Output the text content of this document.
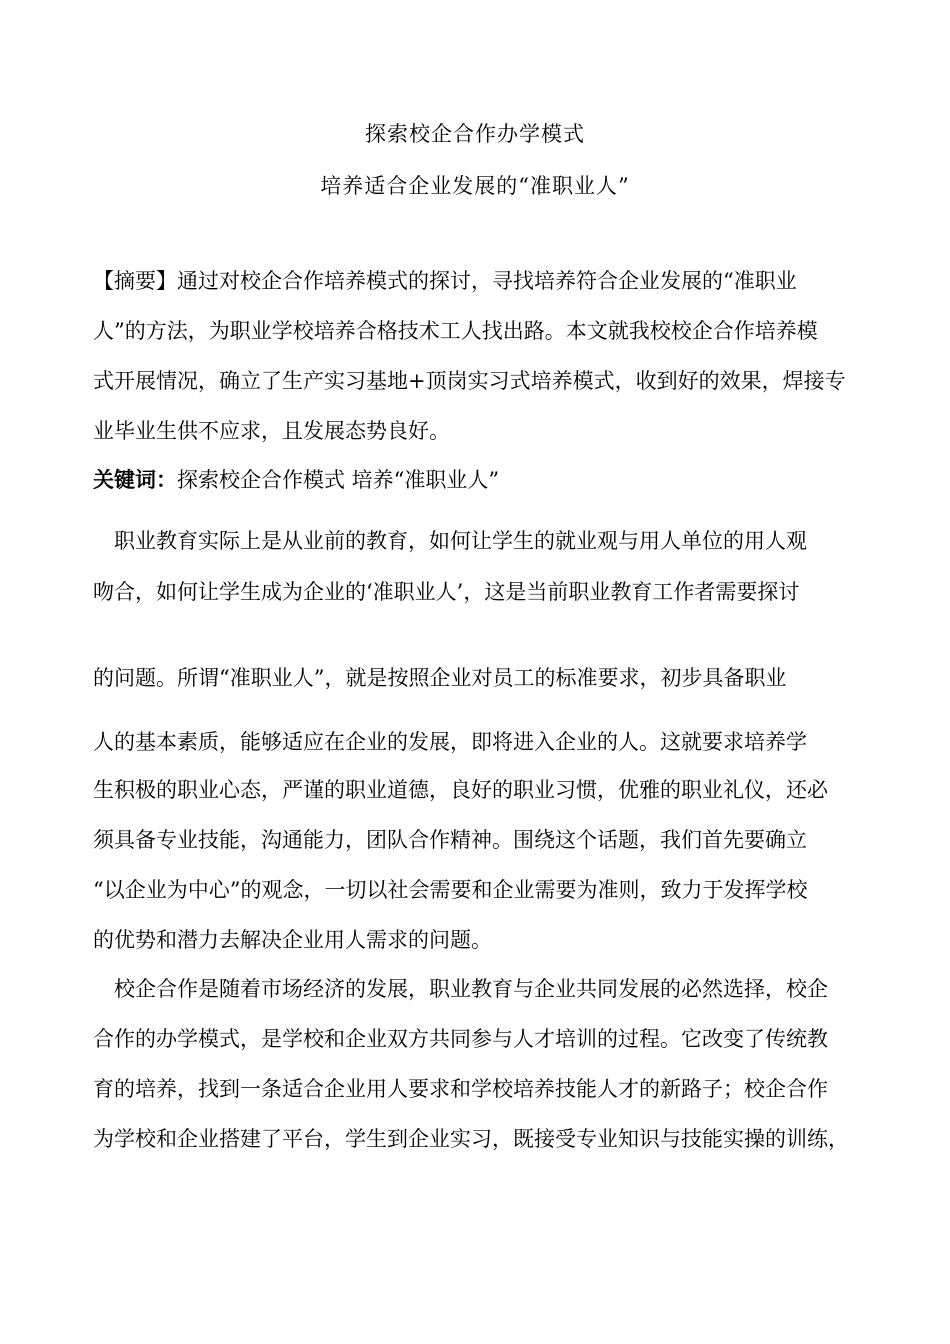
探索校企合作办学模式
培养适合企业发展的“准职业人”
【摘要】通过对校企合作培养模式的探讨，寻找培养符合企业发展的“准职业
人”的方法，为职业学校培养合格技术工人找出路。本文就我校校企合作培养模
式开展情况，确立了生产实习基地+顶岗实习式培养模式，收到好的效果，焊接专
业毕业生供不应求，且发展态势良好。
关键词：探索校企合作模式 培养“准职业人”
　职业教育实际上是从业前的教育，如何让学生的就业观与用人单位的用人观
吻合，如何让学生成为企业的‘准职业人’，这是当前职业教育工作者需要探讨
的问题。所谓“准职业人”，就是按照企业对员工的标准要求，初步具备职业
人的基本素质，能够适应在企业的发展，即将进入企业的人。这就要求培养学
生积极的职业心态，严谨的职业道德，良好的职业习惯，优雅的职业礼仪，还必
须具备专业技能，沟通能力，团队合作精神。围绕这个话题，我们首先要确立
“以企业为中心”的观念，一切以社会需要和企业需要为准则，致力于发挥学校
的优势和潜力去解决企业用人需求的问题。
　校企合作是随着市场经济的发展，职业教育与企业共同发展的必然选择，校企
合作的办学模式，是学校和企业双方共同参与人才培训的过程。它改变了传统教
育的培养，找到一条适合企业用人要求和学校培养技能人才的新路子；校企合作
为学校和企业搭建了平台，学生到企业实习，既接受专业知识与技能实操的训练，
